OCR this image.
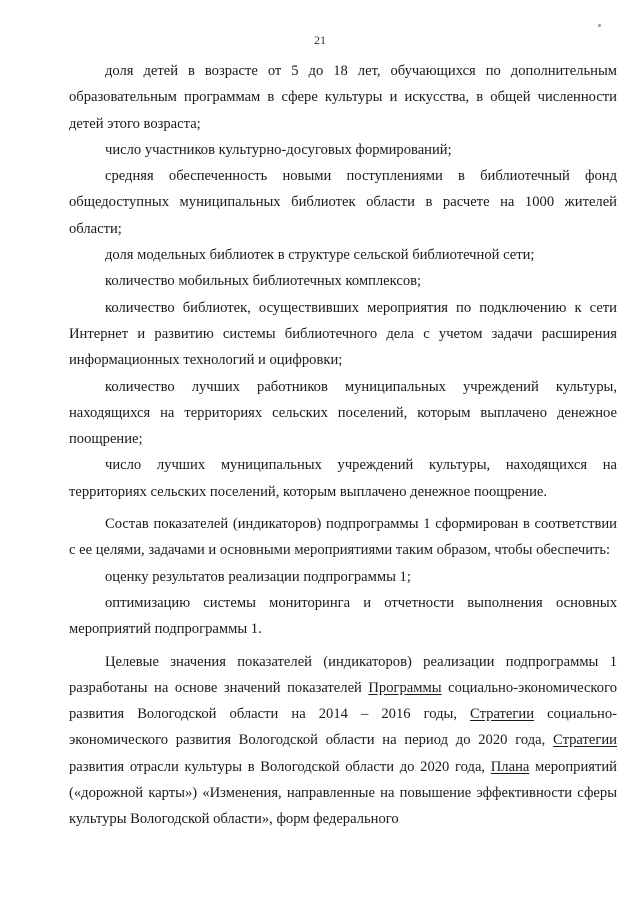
21

доля детей в возрасте от 5 до 18 лет, обучающихся по дополнительным образовательным программам в сфере культуры и искусства, в общей численности детей этого возраста;

число участников культурно-досуговых формирований;

средняя обеспеченность новыми поступлениями в библиотечный фонд общедоступных муниципальных библиотек области в расчете на 1000 жителей области;

доля модельных библиотек в структуре сельской библиотечной сети;

количество мобильных библиотечных комплексов;

количество библиотек, осуществивших мероприятия по подключению к сети Интернет и развитию системы библиотечного дела с учетом задачи расширения информационных технологий и оцифровки;

количество лучших работников муниципальных учреждений культуры, находящихся на территориях сельских поселений, которым выплачено денежное поощрение;

число лучших муниципальных учреждений культуры, находящихся на территориях сельских поселений, которым выплачено денежное поощрение.

Состав показателей (индикаторов) подпрограммы 1 сформирован в соответствии с ее целями, задачами и основными мероприятиями таким образом, чтобы обеспечить:

оценку результатов реализации подпрограммы 1;

оптимизацию системы мониторинга и отчетности выполнения основных мероприятий подпрограммы 1.

Целевые значения показателей (индикаторов) реализации подпрограммы 1 разработаны на основе значений показателей Программы социально-экономического развития Вологодской области на 2014 – 2016 годы, Стратегии социально-экономического развития Вологодской области на период до 2020 года, Стратегии развития отрасли культуры в Вологодской области до 2020 года, Плана мероприятий («дорожной карты») «Изменения, направленные на повышение эффективности сферы культуры Вологодской области», форм федерального
